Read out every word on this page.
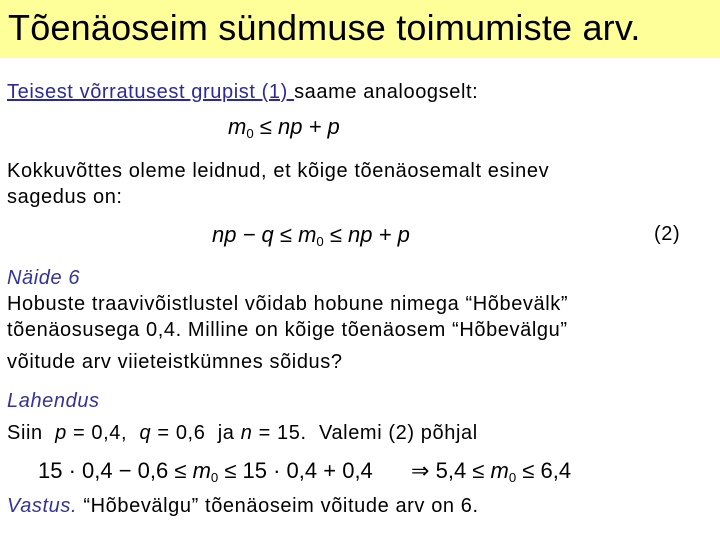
Tõenäoseim sündmuse toimumiste arv.
Teisest võrratusest grupist (1) saame analoogselt:
$m_0$ ≤ np + p
Kokkuvõttes oleme leidnud, et kõige tõenäosemalt esinev
sagedus on:
np − $q \le m_0$ ≤ np + p	(2)
Näide 6
Hobuste traavivõistlustel võidab hobune nimega “Hõbevälk”
tõenäosusega 0,4. Milline on kõige tõenäosem “Hõbevälgu”
võitude arv viieteistkümnes sõidus?
Lahendus
Siin p = 0,4, q = 0,6 ja n = 15. Valemi (2) põhjal
$15 \cdot 0,4 - 0,6 \le m_0 \le 15 \cdot 0,4 + 0,4$ ⇒ $5,4 \le m_0 \le 6,4$
Vastus. “Hõbevälgu” tõenäoseim võitude arv on 6.
